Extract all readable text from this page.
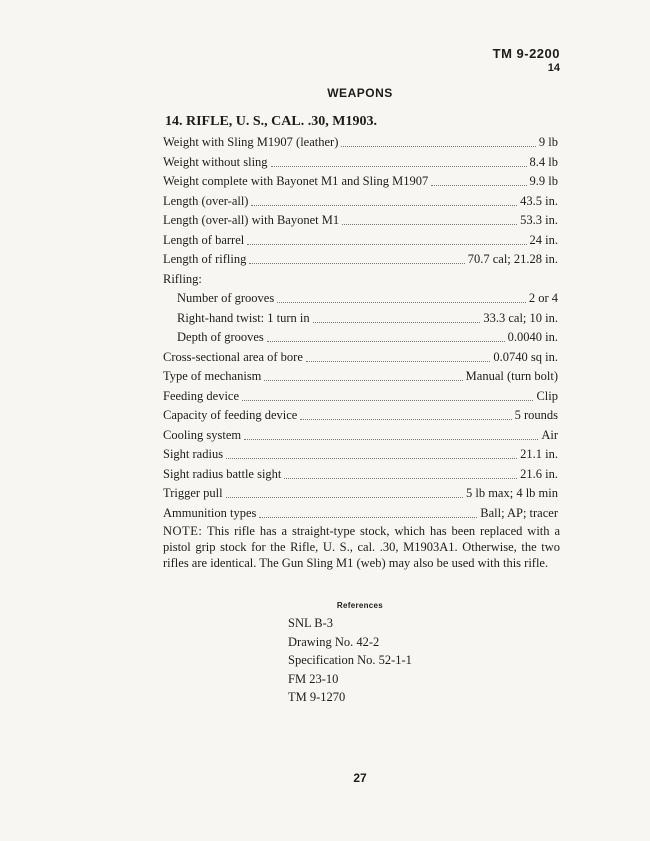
TM 9-2200
14
WEAPONS
14. RIFLE, U. S., CAL. .30, M1903.
Weight with Sling M1907 (leather)	9 lb
Weight without sling	8.4 lb
Weight complete with Bayonet M1 and Sling M1907	9.9 lb
Length (over-all)	43.5 in.
Length (over-all) with Bayonet M1	53.3 in.
Length of barrel	24 in.
Length of rifling	70.7 cal; 21.28 in.
Rifling:
Number of grooves	2 or 4
Right-hand twist: 1 turn in	33.3 cal; 10 in.
Depth of grooves	0.0040 in.
Cross-sectional area of bore	0.0740 sq in.
Type of mechanism	Manual (turn bolt)
Feeding device	Clip
Capacity of feeding device	5 rounds
Cooling system	Air
Sight radius	21.1 in.
Sight radius battle sight	21.6 in.
Trigger pull	5 lb max; 4 lb min
Ammunition types	Ball; AP; tracer
NOTE: This rifle has a straight-type stock, which has been replaced with a pistol grip stock for the Rifle, U. S., cal. .30, M1903A1. Otherwise, the two rifles are identical. The Gun Sling M1 (web) may also be used with this rifle.
References
SNL B-3
Drawing No. 42-2
Specification No. 52-1-1
FM 23-10
TM 9-1270
27
